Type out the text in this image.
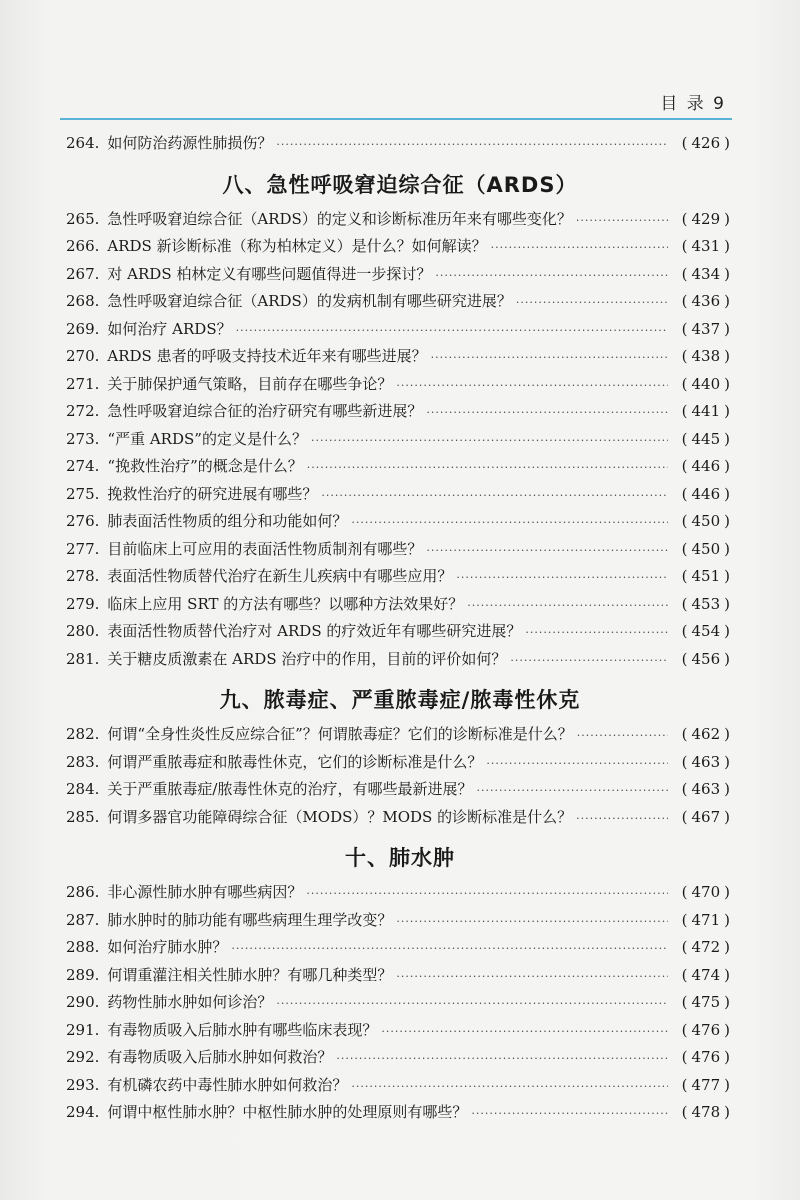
目 录 9
264. 如何防治药源性肺损伤？ ·····	( 426 )
八、急性呼吸窘迫综合征（ARDS）
265. 急性呼吸窘迫综合征（ARDS）的定义和诊断标准历年来有哪些变化？ ·····	( 429 )
266. ARDS 新诊断标准（称为柏林定义）是什么？如何解读？ ·····	( 431 )
267. 对 ARDS 柏林定义有哪些问题值得进一步探讨？ ·····	( 434 )
268. 急性呼吸窘迫综合征（ARDS）的发病机制有哪些研究进展？ ·····	( 436 )
269. 如何治疗 ARDS？ ·····	( 437 )
270. ARDS 患者的呼吸支持技术近年来有哪些进展？ ·····	( 438 )
271. 关于肺保护通气策略，目前存在哪些争论？ ·····	( 440 )
272. 急性呼吸窘迫综合征的治疗研究有哪些新进展？ ·····	( 441 )
273. “严重 ARDS”的定义是什么？ ·····	( 445 )
274. “挽救性治疗”的概念是什么？ ·····	( 446 )
275. 挽救性治疗的研究进展有哪些？ ·····	( 446 )
276. 肺表面活性物质的组分和功能如何？ ·····	( 450 )
277. 目前临床上可应用的表面活性物质制剂有哪些？ ·····	( 450 )
278. 表面活性物质替代治疗在新生儿疾病中有哪些应用？ ·····	( 451 )
279. 临床上应用 SRT 的方法有哪些？以哪种方法效果好？ ·····	( 453 )
280. 表面活性物质替代治疗对 ARDS 的疗效近年有哪些研究进展？ ·····	( 454 )
281. 关于糖皮质激素在 ARDS 治疗中的作用，目前的评价如何？ ·····	( 456 )
九、脓毒症、严重脓毒症/脓毒性休克
282. 何谓“全身性炎性反应综合征”？何谓脓毒症？它们的诊断标准是什么？ ·····	( 462 )
283. 何谓严重脓毒症和脓毒性休克，它们的诊断标准是什么？ ·····	( 463 )
284. 关于严重脓毒症/脓毒性休克的治疗，有哪些最新进展？ ·····	( 463 )
285. 何谓多器官功能障碍综合征（MODS）？MODS 的诊断标准是什么？ ·····	( 467 )
十、肺水肿
286. 非心源性肺水肿有哪些病因？ ·····	( 470 )
287. 肺水肿时的肺功能有哪些病理生理学改变？ ·····	( 471 )
288. 如何治疗肺水肿？ ·····	( 472 )
289. 何谓重灌注相关性肺水肿？有哪几种类型？ ·····	( 474 )
290. 药物性肺水肿如何诊治？ ·····	( 475 )
291. 有毒物质吸入后肺水肿有哪些临床表现？ ·····	( 476 )
292. 有毒物质吸入后肺水肿如何救治？ ·····	( 476 )
293. 有机磷农药中毒性肺水肿如何救治？ ·····	( 477 )
294. 何谓中枢性肺水肿？中枢性肺水肿的处理原则有哪些？ ·····	( 478 )
